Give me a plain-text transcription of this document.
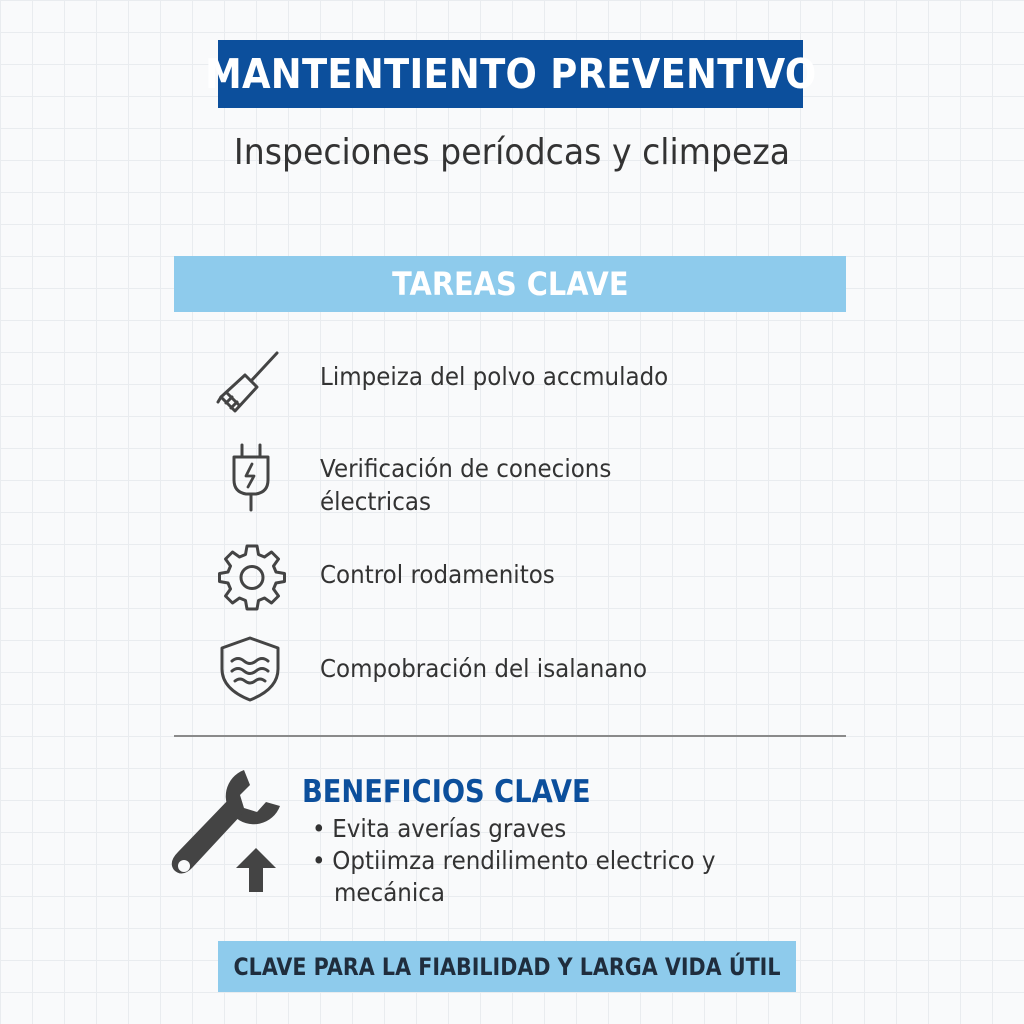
MANTENTIENTO PREVENTIVO
Inspeciones períodcas y climpeza
TAREAS CLAVE
Limpeiza del polvo accmulado
Verificación de conecions
électricas
Control rodamenitos
Compobración del isalanano
BENEFICIOS CLAVE
• Evita averías graves
• Optiimza rendilimento electrico y
mecánica
CLAVE PARA LA FIABILIDAD Y LARGA VIDA ÚTIL
